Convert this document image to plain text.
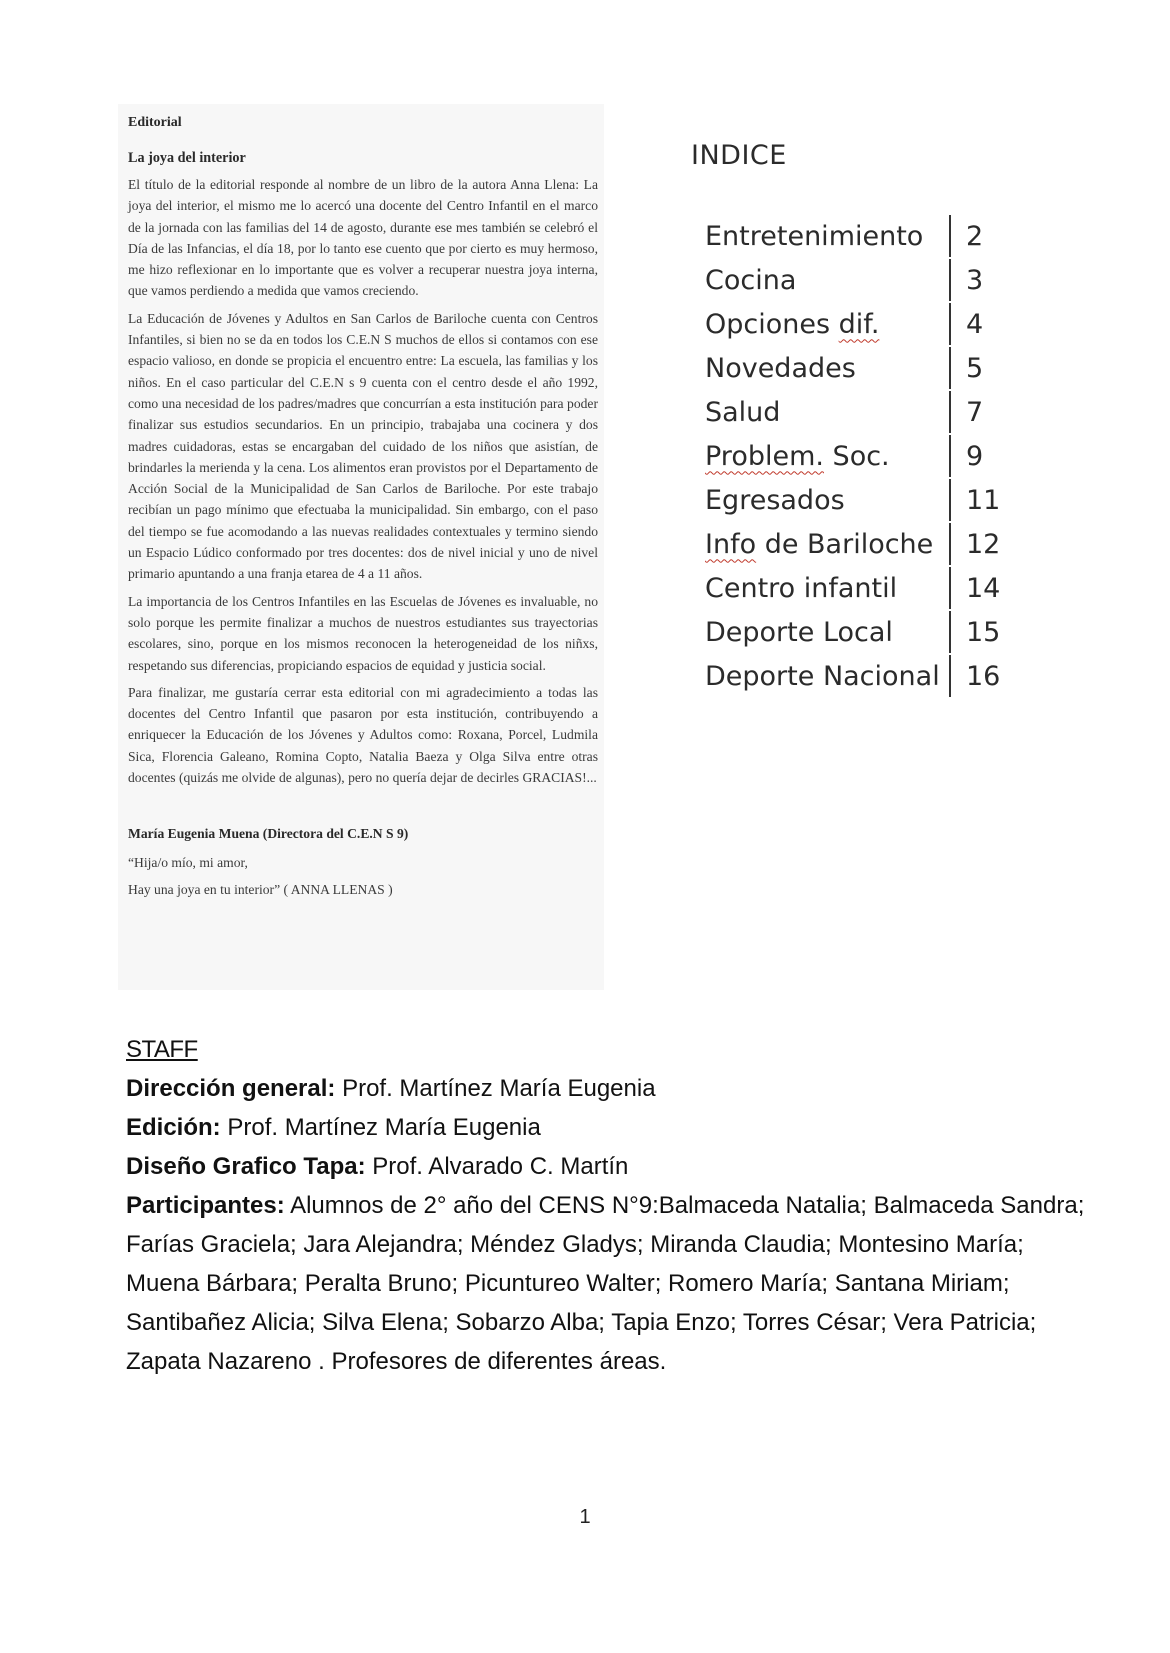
Editorial
La joya del interior

El título de la editorial responde al nombre de un libro de la autora Anna Llena: La joya del interior, el mismo me lo acercó una docente del Centro Infantil en el marco de la jornada con las familias del 14 de agosto, durante ese mes también se celebró el Día de las Infancias, el día 18, por lo tanto ese cuento que por cierto es muy hermoso, me hizo reflexionar en lo importante que es volver a recuperar nuestra joya interna, que vamos perdiendo a medida que vamos creciendo.

La Educación de Jóvenes y Adultos en San Carlos de Bariloche cuenta con Centros Infantiles, si bien no se da en todos los C.E.N S muchos de ellos si contamos con ese espacio valioso, en donde se propicia el encuentro entre: La escuela, las familias y los niños. En el caso particular del C.E.N s 9 cuenta con el centro desde el año 1992, como una necesidad de los padres/madres que concurrían a esta institución para poder finalizar sus estudios secundarios. En un principio, trabajaba una cocinera y dos madres cuidadoras, estas se encargaban del cuidado de los niños que asistían, de brindarles la merienda y la cena. Los alimentos eran provistos por el Departamento de Acción Social de la Municipalidad de San Carlos de Bariloche. Por este trabajo recibían un pago mínimo que efectuaba la municipalidad. Sin embargo, con el paso del tiempo se fue acomodando a las nuevas realidades contextuales y termino siendo un Espacio Lúdico conformado por tres docentes: dos de nivel inicial y uno de nivel primario apuntando a una franja etarea de 4 a 11 años.

La importancia de los Centros Infantiles en las Escuelas de Jóvenes es invaluable, no solo porque les permite finalizar a muchos de nuestros estudiantes sus trayectorias escolares, sino, porque en los mismos reconocen la heterogeneidad de los niñxs, respetando sus diferencias, propiciando espacios de equidad y justicia social.

Para finalizar, me gustaría cerrar esta editorial con mi agradecimiento a todas las docentes del Centro Infantil que pasaron por esta institución, contribuyendo a enriquecer la Educación de los Jóvenes y Adultos como: Roxana, Porcel, Ludmila Sica, Florencia Galeano, Romina Copto, Natalia Baeza y Olga Silva entre otras docentes (quizás me olvide de algunas), pero no quería dejar de decirles GRACIAS!...

María Eugenia Muena (Directora del C.E.N S 9)
“Hija/o mío, mi amor,
Hay una joya en tu interior” ( ANNA LLENAS )
INDICE
Entretenimiento	2
Cocina	3
Opciones dif.	4
Novedades	5
Salud	7
Problem. Soc.	9
Egresados	11
Info de Bariloche	12
Centro infantil	14
Deporte Local	15
Deporte Nacional 16
STAFF
Dirección general: Prof. Martínez María Eugenia
Edición: Prof. Martínez María Eugenia
Diseño Grafico Tapa: Prof. Alvarado C. Martín
Participantes: Alumnos de 2° año del CENS N°9:Balmaceda Natalia; Balmaceda Sandra; Farías Graciela; Jara Alejandra; Méndez Gladys; Miranda Claudia; Montesino María; Muena Bárbara; Peralta Bruno; Picuntureo Walter; Romero María; Santana Miriam; Santibañez Alicia; Silva Elena; Sobarzo Alba; Tapia Enzo; Torres César; Vera Patricia; Zapata Nazareno . Profesores de diferentes áreas.
1
